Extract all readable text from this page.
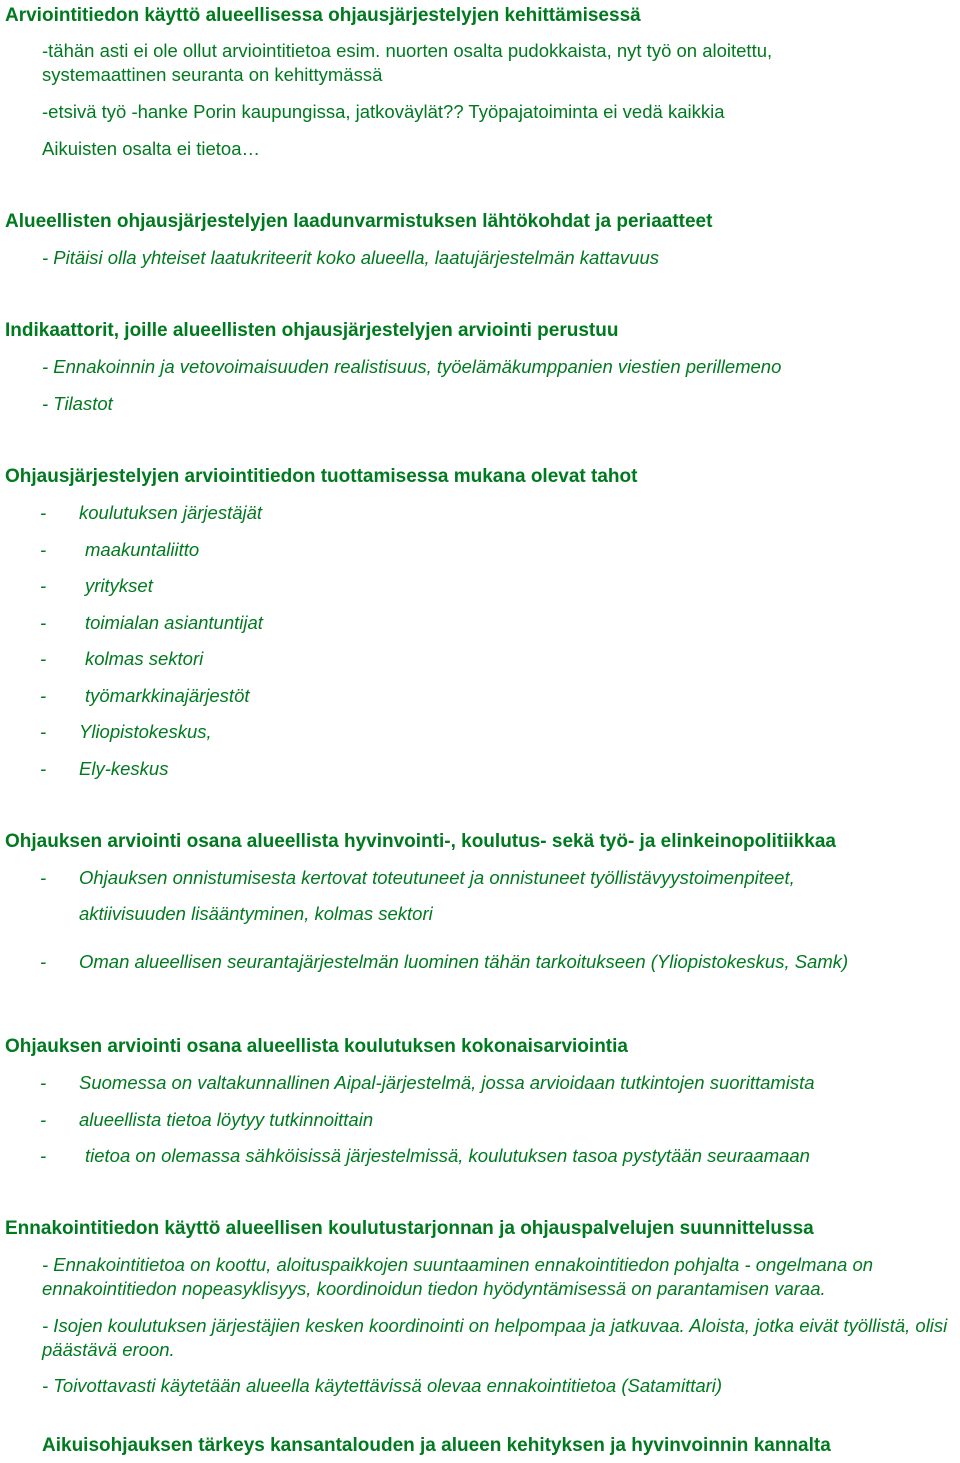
Arviointitiedon käyttö alueellisessa ohjausjärjestelyjen kehittämisessä

-tähän asti ei ole ollut arviointitietoa esim. nuorten osalta pudokkaista, nyt työ on aloitettu,

systemaattinen seuranta on kehittymässä

-etsivä työ -hanke Porin kaupungissa, jatkoväylät?? Työpajatoiminta ei vedä kaikkia

Aikuisten osalta ei tietoa…

Alueellisten ohjausjärjestelyjen laadunvarmistuksen lähtökohdat ja periaatteet

- Pitäisi olla yhteiset laatukriteerit koko alueella, laatujärjestelmän kattavuus

Indikaattorit, joille alueellisten ohjausjärjestelyjen arviointi perustuu

- Ennakoinnin ja vetovoimaisuuden realistisuus, työelämäkumppanien viestien perillemeno

- Tilastot

Ohjausjärjestelyjen arviointitiedon tuottamisessa mukana olevat tahot

- koulutuksen järjestäjät

- maakuntaliitto

- yritykset

- toimialan asiantuntijat

- kolmas sektori

- työmarkkinajärjestöt

- Yliopistokeskus,

- Ely-keskus

Ohjauksen arviointi osana alueellista hyvinvointi-, koulutus- sekä työ- ja elinkeinopolitiikkaa

- Ohjauksen onnistumisesta kertovat toteutuneet ja onnistuneet työllistävyystoimenpiteet,

aktiivisuuden lisääntyminen, kolmas sektori

- Oman alueellisen seurantajärjestelmän luominen tähän tarkoitukseen (Yliopistokeskus, Samk)

Ohjauksen arviointi osana alueellista koulutuksen kokonaisarviointia

- Suomessa on valtakunnallinen Aipal-järjestelmä, jossa arvioidaan tutkintojen suorittamista

- alueellista tietoa löytyy tutkinnoittain

- tietoa on olemassa sähköisissä järjestelmissä, koulutuksen tasoa pystytään seuraamaan

Ennakointitiedon käyttö alueellisen koulutustarjonnan ja ohjauspalvelujen suunnittelussa

- Ennakointitietoa on koottu, aloituspaikkojen suuntaaminen ennakointitiedon pohjalta - ongelmana on ennakointitiedon nopeasyklisyys, koordinoidun tiedon hyödyntämisessä on parantamisen varaa.

- Isojen koulutuksen järjestäjien kesken koordinointi on helpompaa ja jatkuvaa. Aloista, jotka eivät työllistä, olisi päästävä eroon.

- Toivottavasti käytetään alueella käytettävissä olevaa ennakointitietoa (Satamittari)

Aikuisohjauksen tärkeys kansantalouden ja alueen kehityksen ja hyvinvoinnin kannalta
